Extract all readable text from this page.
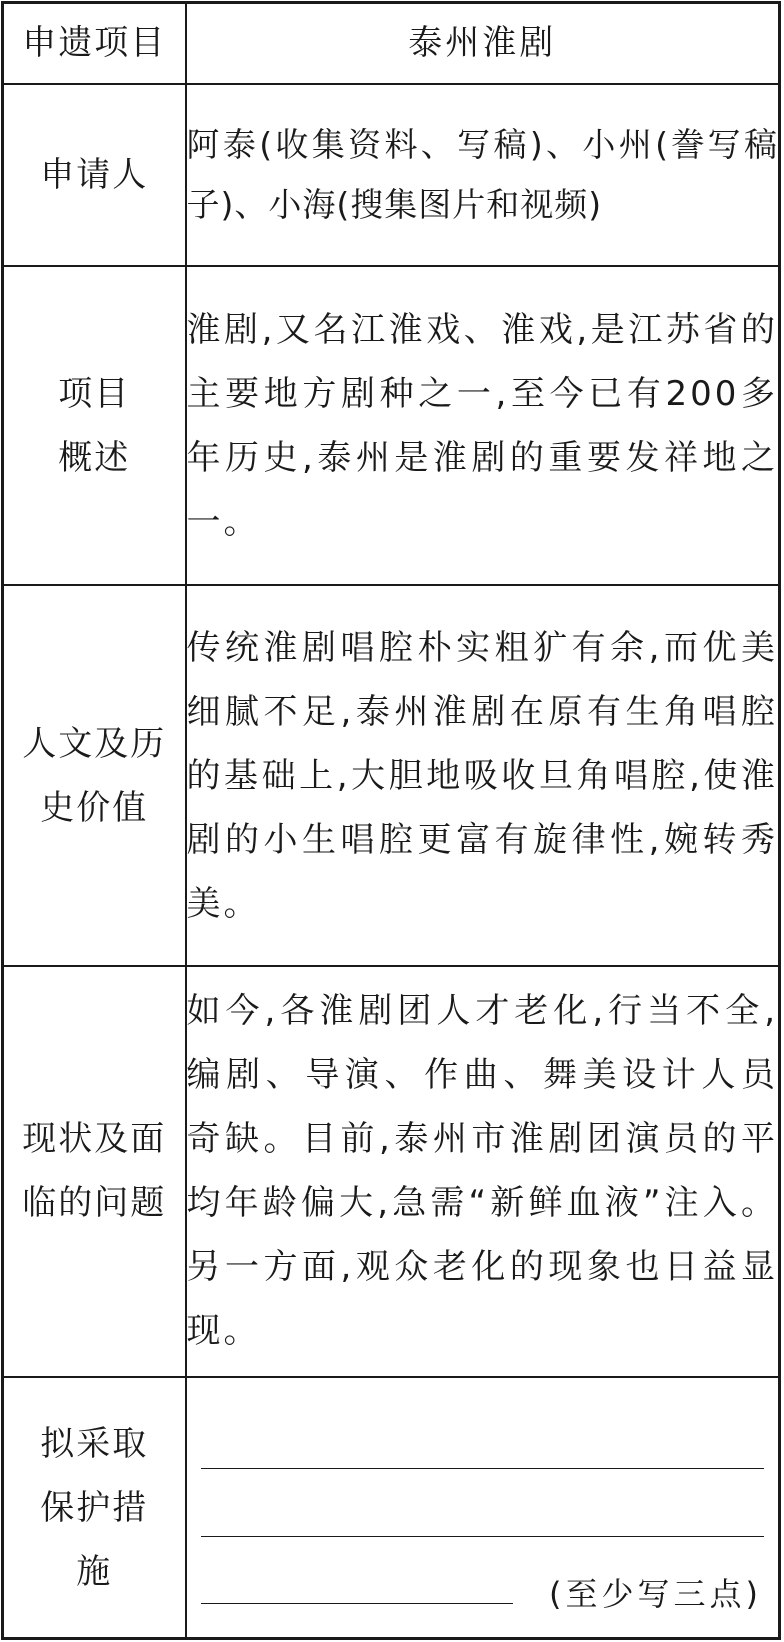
申遗项目	泰州淮剧
申请人	阿泰(收集资料、写稿)、小州(誊写稿子)、小海(搜集图片和视频)
项目概述	淮剧,又名江淮戏、淮戏,是江苏省的主要地方剧种之一,至今已有200多年历史,泰州是淮剧的重要发祥地之一。
人文及历史价值	传统淮剧唱腔朴实粗犷有余,而优美细腻不足,泰州淮剧在原有生角唱腔的基础上,大胆地吸收旦角唱腔,使淮剧的小生唱腔更富有旋律性,婉转秀美。
现状及面临的问题	如今,各淮剧团人才老化,行当不全,编剧、导演、作曲、舞美设计人员奇缺。目前,泰州市淮剧团演员的平均年龄偏大,急需“新鲜血液”注入。另一方面,观众老化的现象也日益显现。
拟采取保护措施	(至少写三点)
